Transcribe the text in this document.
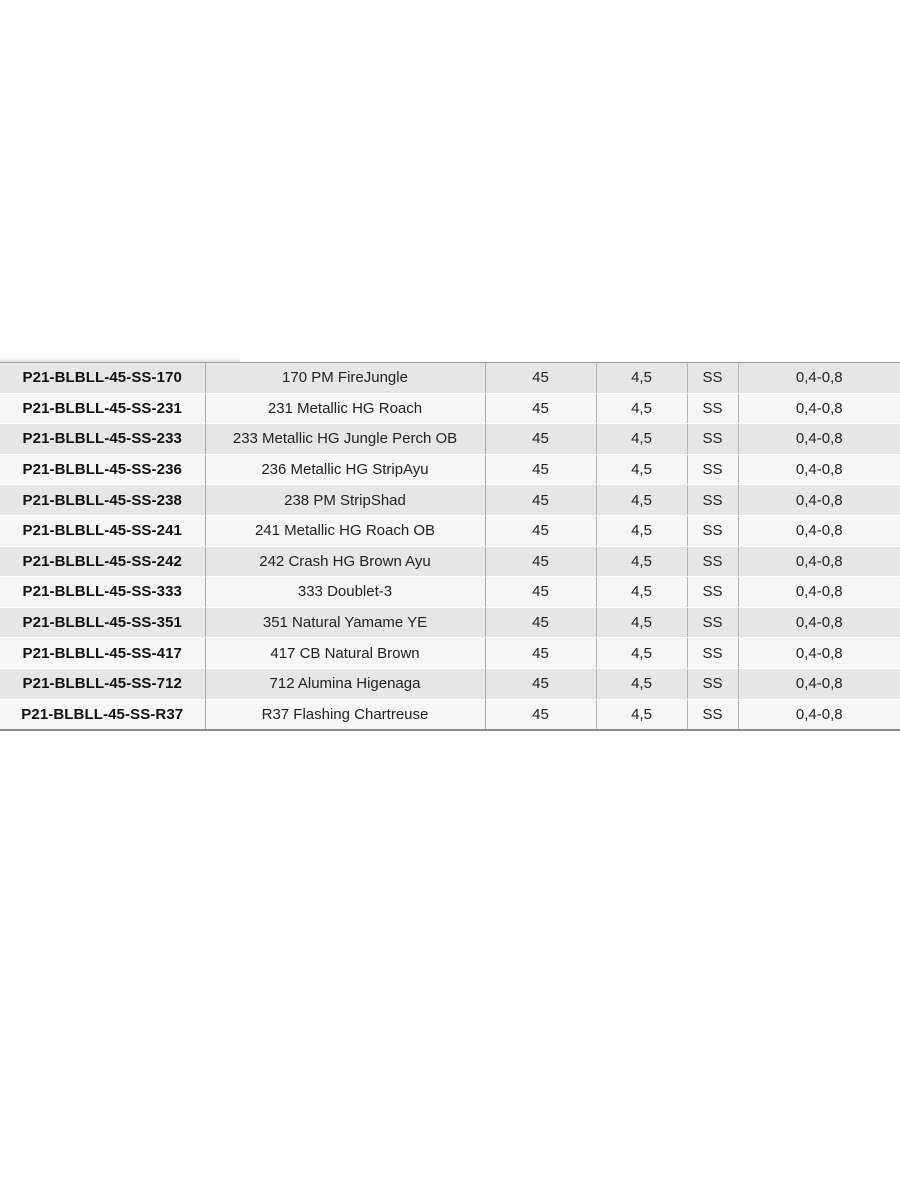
P21-BLBLL-45-SS-170	170 PM FireJungle	45	4,5	SS	0,4-0,8
P21-BLBLL-45-SS-231	231 Metallic HG Roach	45	4,5	SS	0,4-0,8
P21-BLBLL-45-SS-233	233 Metallic HG Jungle Perch OB	45	4,5	SS	0,4-0,8
P21-BLBLL-45-SS-236	236 Metallic HG StripAyu	45	4,5	SS	0,4-0,8
P21-BLBLL-45-SS-238	238 PM StripShad	45	4,5	SS	0,4-0,8
P21-BLBLL-45-SS-241	241 Metallic HG Roach OB	45	4,5	SS	0,4-0,8
P21-BLBLL-45-SS-242	242 Crash HG Brown Ayu	45	4,5	SS	0,4-0,8
P21-BLBLL-45-SS-333	333 Doublet-3	45	4,5	SS	0,4-0,8
P21-BLBLL-45-SS-351	351 Natural Yamame YE	45	4,5	SS	0,4-0,8
P21-BLBLL-45-SS-417	417 CB Natural Brown	45	4,5	SS	0,4-0,8
P21-BLBLL-45-SS-712	712 Alumina Higenaga	45	4,5	SS	0,4-0,8
P21-BLBLL-45-SS-R37	R37 Flashing Chartreuse	45	4,5	SS	0,4-0,8
